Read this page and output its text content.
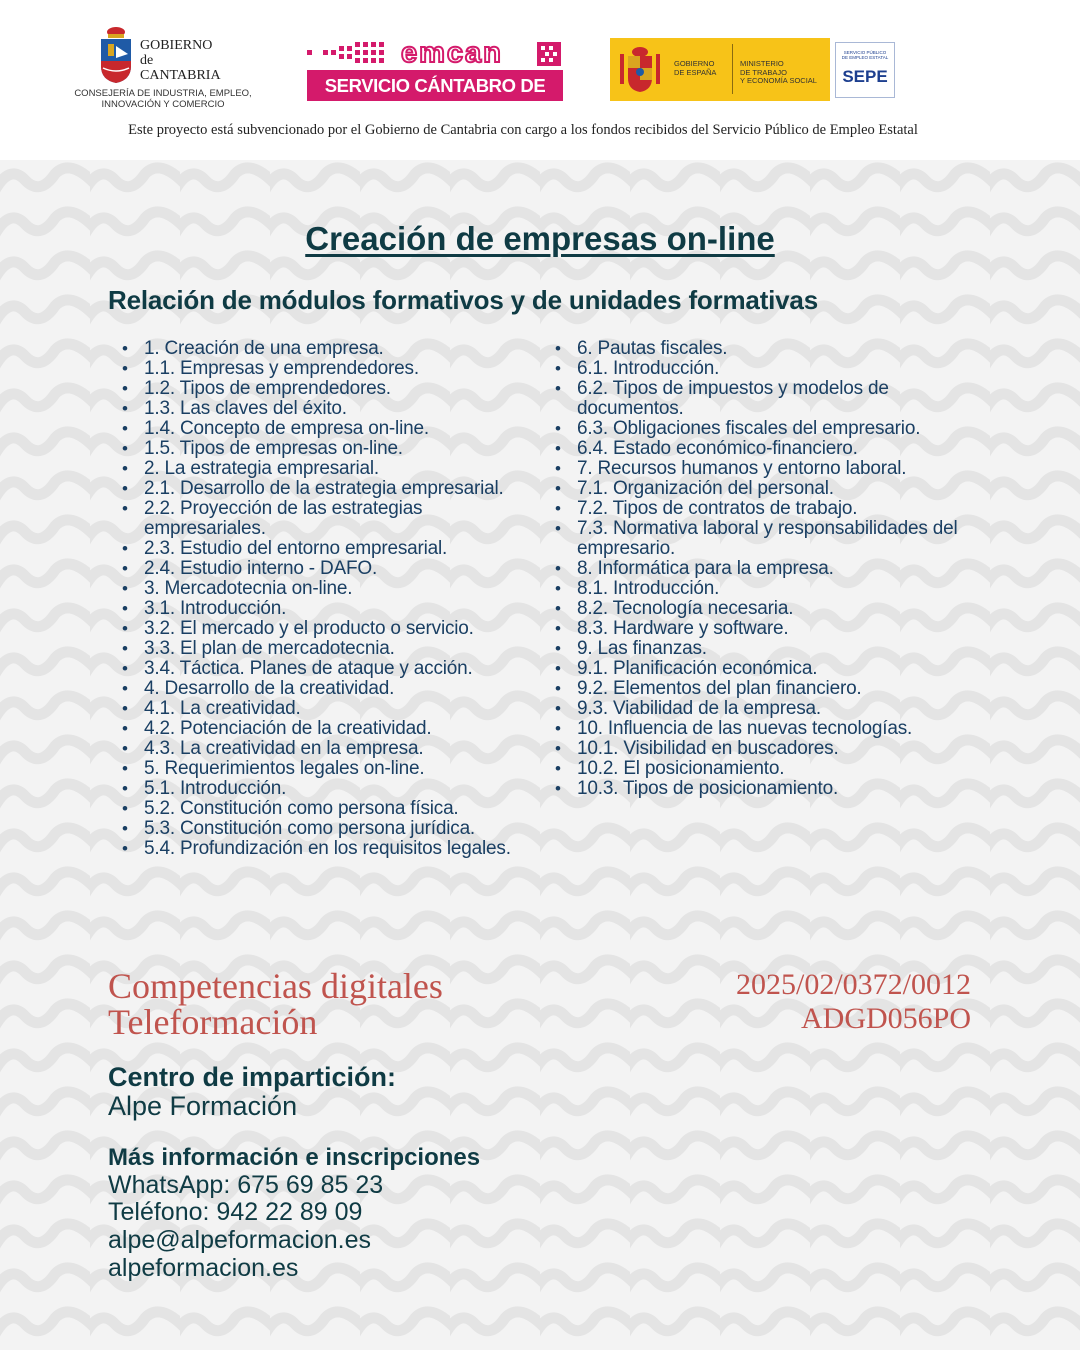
GOBIERNO
de
CANTABRIA
CONSEJERÍA DE INDUSTRIA, EMPLEO,
INNOVACIÓN Y COMERCIO
emcan
SERVICIO CÁNTABRO DE EMPLEO
GOBIERNO
DE ESPAÑA
MINISTERIO
DE TRABAJO
Y ECONOMÍA SOCIAL
SERVICIO PÚBLICO
DE EMPLEO ESTATAL
SEPE
Este proyecto está subvencionado por el Gobierno de Cantabria con cargo a los fondos recibidos del Servicio Público de Empleo Estatal
Creación de empresas on-line
Relación de módulos formativos y de unidades formativas
• 1. Creación de una empresa.
• 1.1. Empresas y emprendedores.
• 1.2. Tipos de emprendedores.
• 1.3. Las claves del éxito.
• 1.4. Concepto de empresa on-line.
• 1.5. Tipos de empresas on-line.
• 2. La estrategia empresarial.
• 2.1. Desarrollo de la estrategia empresarial.
• 2.2. Proyección de las estrategias empresariales.
• 2.3. Estudio del entorno empresarial.
• 2.4. Estudio interno - DAFO.
• 3. Mercadotecnia on-line.
• 3.1. Introducción.
• 3.2. El mercado y el producto o servicio.
• 3.3. El plan de mercadotecnia.
• 3.4. Táctica. Planes de ataque y acción.
• 4. Desarrollo de la creatividad.
• 4.1. La creatividad.
• 4.2. Potenciación de la creatividad.
• 4.3. La creatividad en la empresa.
• 5. Requerimientos legales on-line.
• 5.1. Introducción.
• 5.2. Constitución como persona física.
• 5.3. Constitución como persona jurídica.
• 5.4. Profundización en los requisitos legales.
• 6. Pautas fiscales.
• 6.1. Introducción.
• 6.2. Tipos de impuestos y modelos de documentos.
• 6.3. Obligaciones fiscales del empresario.
• 6.4. Estado económico-financiero.
• 7. Recursos humanos y entorno laboral.
• 7.1. Organización del personal.
• 7.2. Tipos de contratos de trabajo.
• 7.3. Normativa laboral y responsabilidades del empresario.
• 8. Informática para la empresa.
• 8.1. Introducción.
• 8.2. Tecnología necesaria.
• 8.3. Hardware y software.
• 9. Las finanzas.
• 9.1. Planificación económica.
• 9.2. Elementos del plan financiero.
• 9.3. Viabilidad de la empresa.
• 10. Influencia de las nuevas tecnologías.
• 10.1. Visibilidad en buscadores.
• 10.2. El posicionamiento.
• 10.3. Tipos de posicionamiento.
Competencias digitales
Teleformación
2025/02/0372/0012
ADGD056PO
Centro de impartición:
Alpe Formación
Más información e inscripciones
WhatsApp: 675 69 85 23
Teléfono: 942 22 89 09
alpe@alpeformacion.es
alpeformacion.es
